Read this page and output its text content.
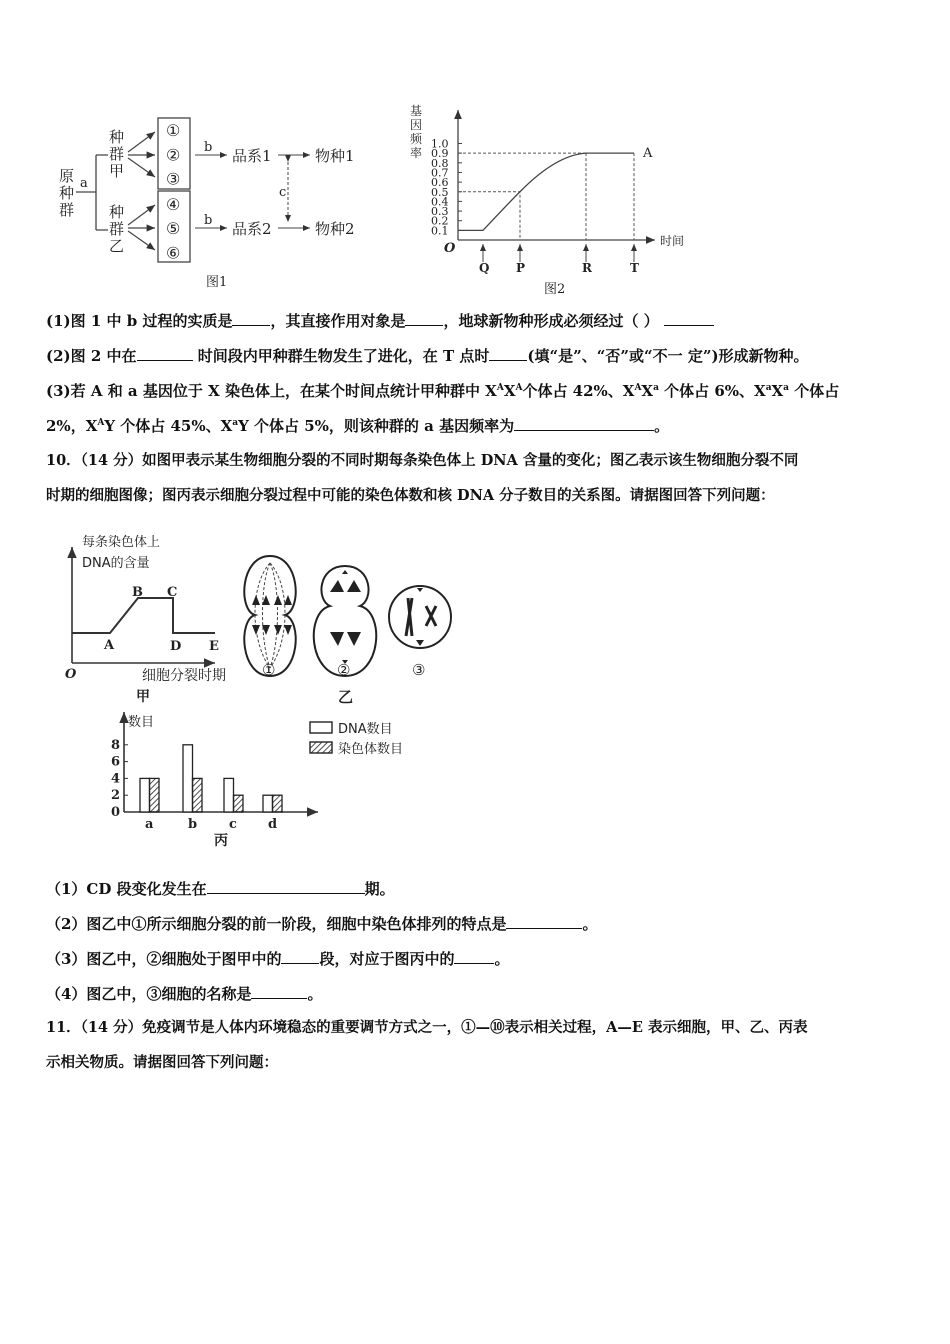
原种群 a
种群甲
种群乙
①
②
③
④
⑤
⑥
b
b
品系1
品系2
物种1
物种2
c
图1
基
因
频
率
0.1
0.2
0.3
0.4
0.5
0.6
0.7
0.8
0.9
1.0
Q P	R	T
A
时间
O
图2
每条染色体上
DNA的含量
A
B C
D E
O	细胞分裂时期
甲
①	②	③
乙
数目
0
2
4
6
8
a	b c d
DNA数目
染色体数目
丙
(1)图 1 中 b 过程的实质是	，其直接作用对象是	，地球新物种形成必须经过（ ）
(2)图 2 中在	时间段内甲种群生物发生了进化，在 T 点时	(填“是”、“否”或“不一 定”)形成新物种。
(3)若 A 和 a 基因位于 X 染色体上，在某个时间点统计甲种群中 $X^AX^A$个体占 42%、$X^AX^a$ 个体占 6%、$X^aX^a$ 个体占
2%，$X^AY$ 个体占 45%、$X^aY$ 个体占 5%，则该种群的 a 基因频率为	。
10．（14 分）如图甲表示某生物细胞分裂的不同时期每条染色体上 DNA 含量的变化；图乙表示该生物细胞分裂不同
时期的细胞图像；图丙表示细胞分裂过程中可能的染色体数和核 DNA 分子数目的关系图。请据图回答下列问题：
（1）CD 段变化发生在	期。
（2）图乙中①所示细胞分裂的前一阶段，细胞中染色体排列的特点是	。
（3）图乙中，②细胞处于图甲中的	段，对应于图丙中的	。
（4）图乙中，③细胞的名称是	。
11．（14 分）免疫调节是人体内环境稳态的重要调节方式之一，①—⑩表示相关过程，A—E 表示细胞，甲、乙、丙表
示相关物质。请据图回答下列问题：
